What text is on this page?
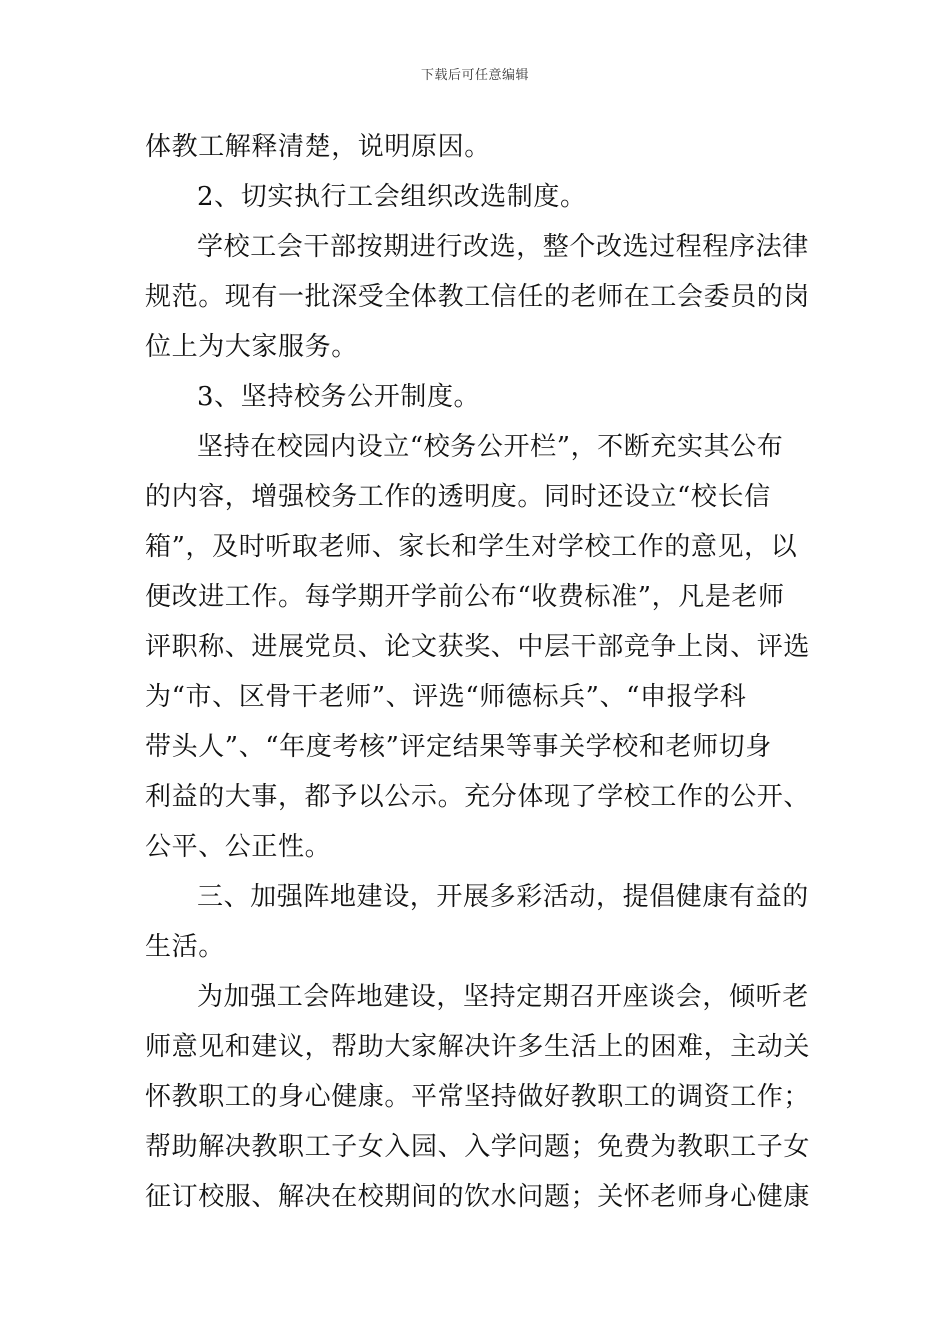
下载后可任意编辑
体教工解释清楚，说明原因。
2、切实执行工会组织改选制度。
学校工会干部按期进行改选，整个改选过程程序法律
规范。现有一批深受全体教工信任的老师在工会委员的岗
位上为大家服务。
3、坚持校务公开制度。
坚持在校园内设立“校务公开栏”，不断充实其公布
的内容，增强校务工作的透明度。同时还设立“校长信
箱”，及时听取老师、家长和学生对学校工作的意见，以
便改进工作。每学期开学前公布“收费标准”，凡是老师
评职称、进展党员、论文获奖、中层干部竞争上岗、评选
为“市、区骨干老师”、评选“师德标兵”、“申报学科
带头人”、“年度考核”评定结果等事关学校和老师切身
利益的大事，都予以公示。充分体现了学校工作的公开、
公平、公正性。
三、加强阵地建设，开展多彩活动，提倡健康有益的
生活。
为加强工会阵地建设，坚持定期召开座谈会，倾听老
师意见和建议，帮助大家解决许多生活上的困难，主动关
怀教职工的身心健康。平常坚持做好教职工的调资工作；
帮助解决教职工子女入园、入学问题；免费为教职工子女
征订校服、解决在校期间的饮水问题；关怀老师身心健康
